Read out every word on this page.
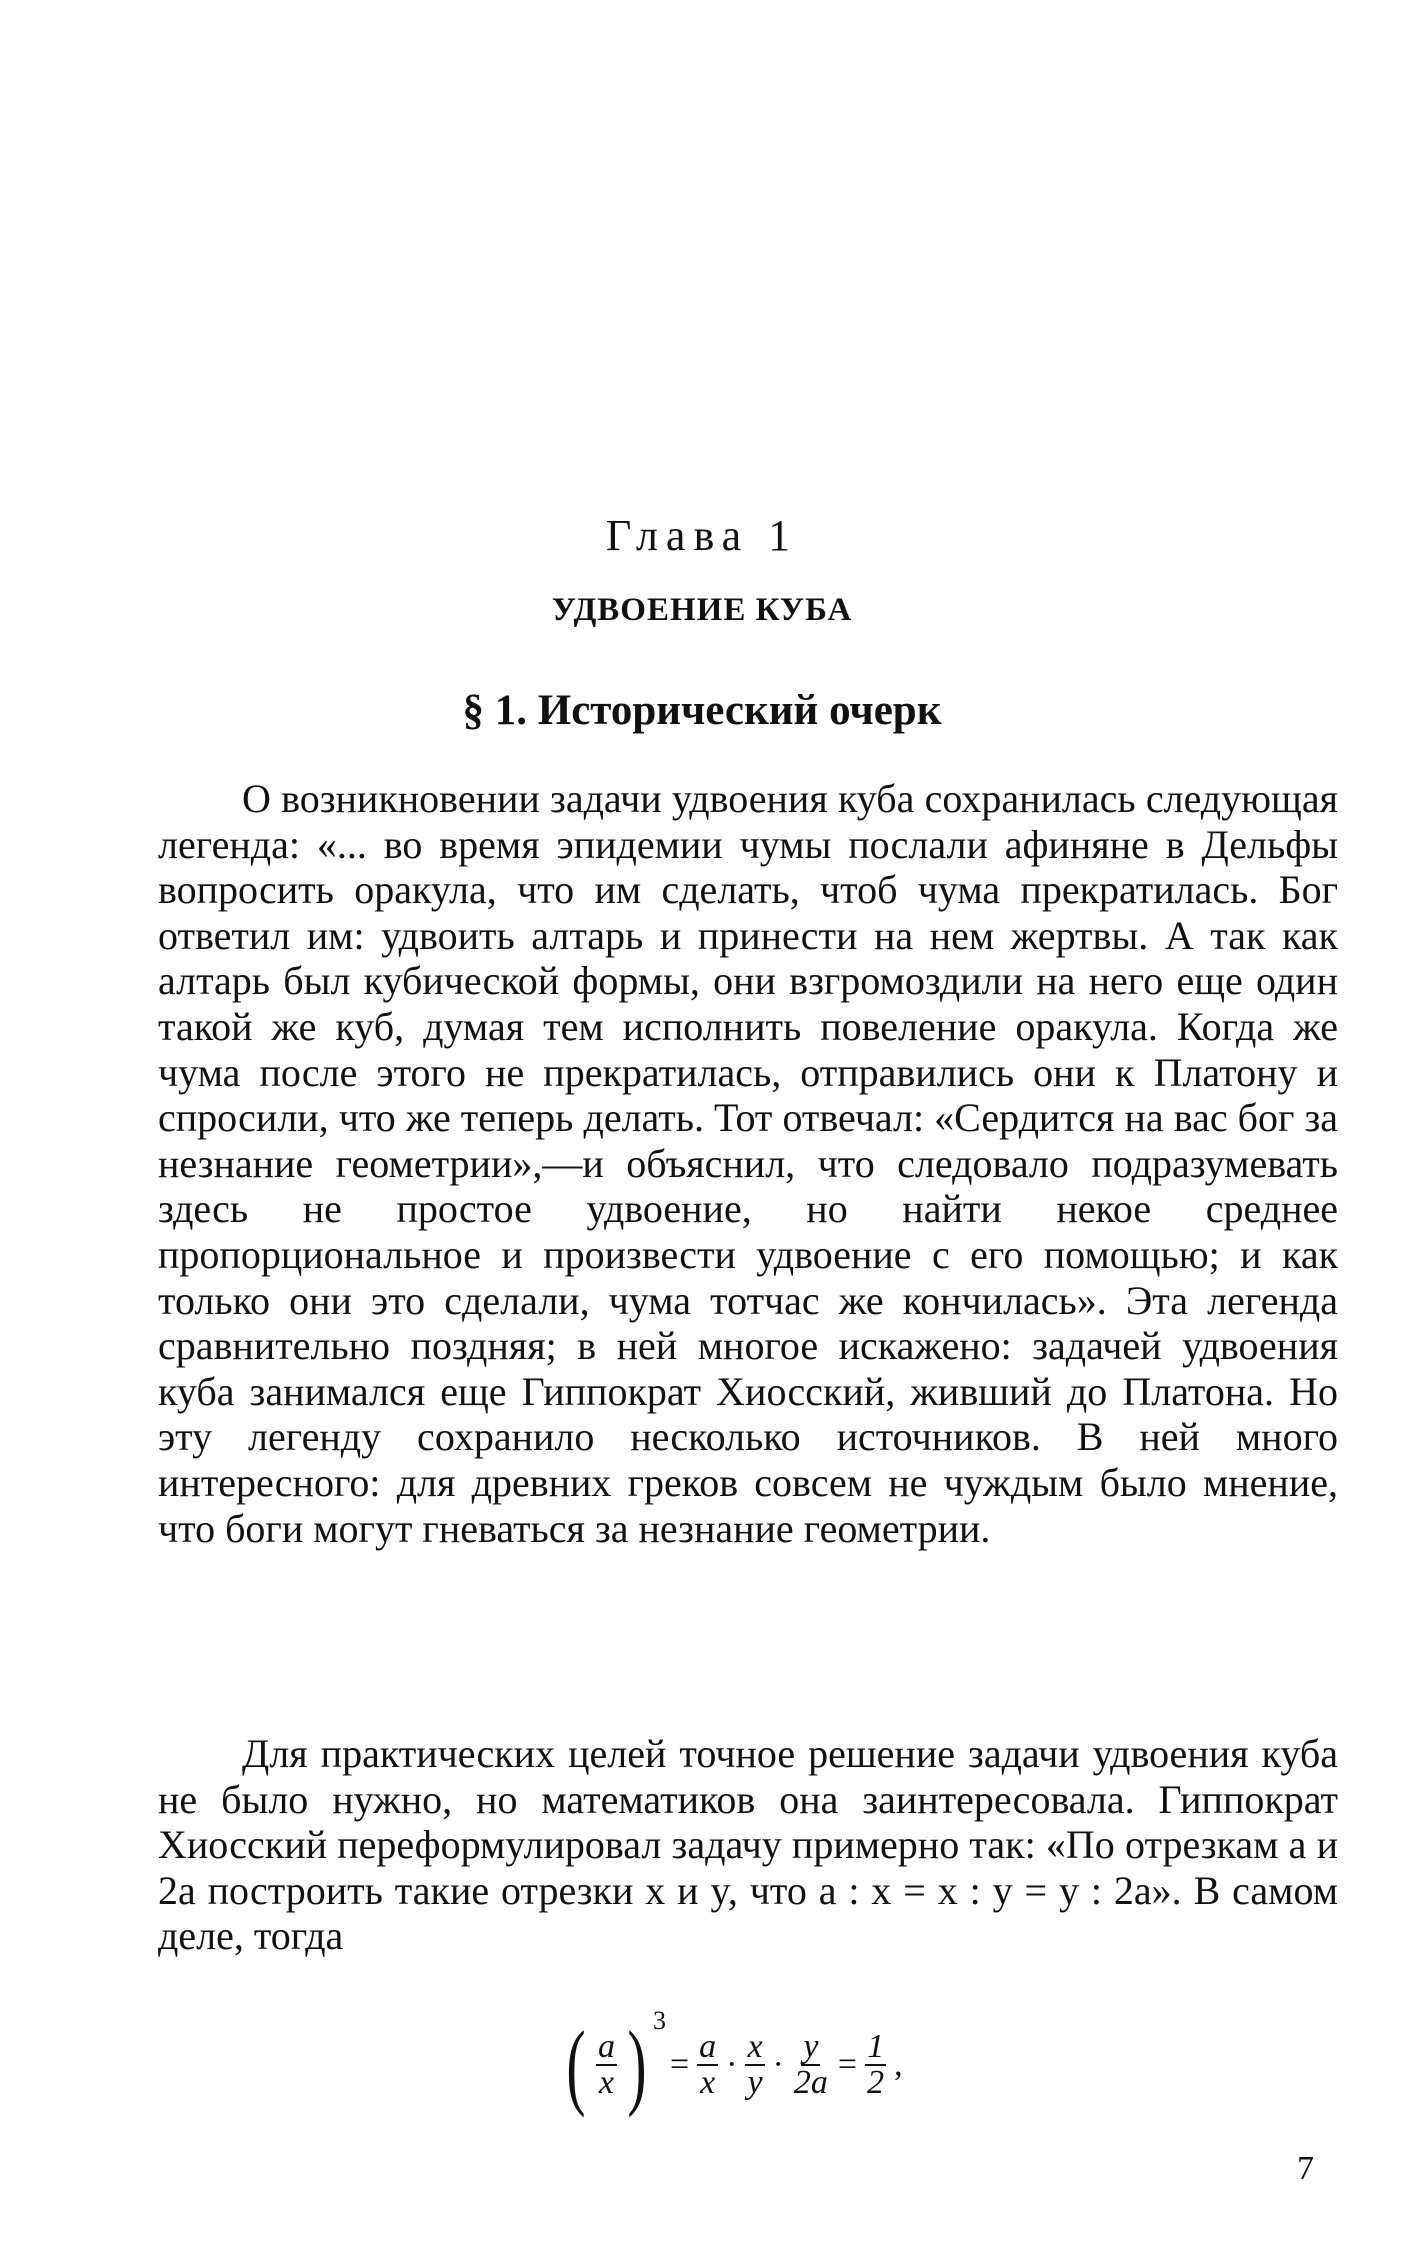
Глава 1
УДВОЕНИЕ КУБА
§ 1. Исторический очерк

О возникновении задачи удвоения куба сохранилась следующая легенда: «... во время эпидемии чумы послали афиняне в Дельфы вопросить оракула, что им сделать, чтоб чума прекратилась. Бог ответил им: удвоить алтарь и принести на нем жертвы. А так как алтарь был кубической формы, они взгромоздили на него еще один такой же куб, думая тем исполнить повеление оракула. Когда же чума после этого не прекратилась, отправились они к Платону и спросили, что же теперь делать. Тот отвечал: «Сердится на вас бог за незнание геометрии»,—и объяснил, что следовало подразумевать здесь не простое удвоение, но найти некое среднее пропорциональное и произвести удвоение с его помощью; и как только они это сделали, чума тотчас же кончилась». Эта легенда сравнительно поздняя; в ней многое искажено: задачей удвоения куба занимался еще Гиппократ Хиосский, живший до Платона. Но эту легенду сохранило несколько источников. В ней много интересного: для древних греков совсем не чуждым было мнение, что боги могут гневаться за незнание геометрии.

Для практических целей точное решение задачи удвоения куба не было нужно, но математиков она заинтересовала. Гиппократ Хиосский переформулировал задачу примерно так: «По отрезкам a и 2a построить такие отрезки x и y, что a : x = x : y = y : 2a». В самом деле, тогда

( $\frac{a}{x}$ ) 3
= $\frac{a}{x} \cdot \frac{x}{y} \cdot \frac{y}{2a} = \frac{1}{2}$ ,
7
